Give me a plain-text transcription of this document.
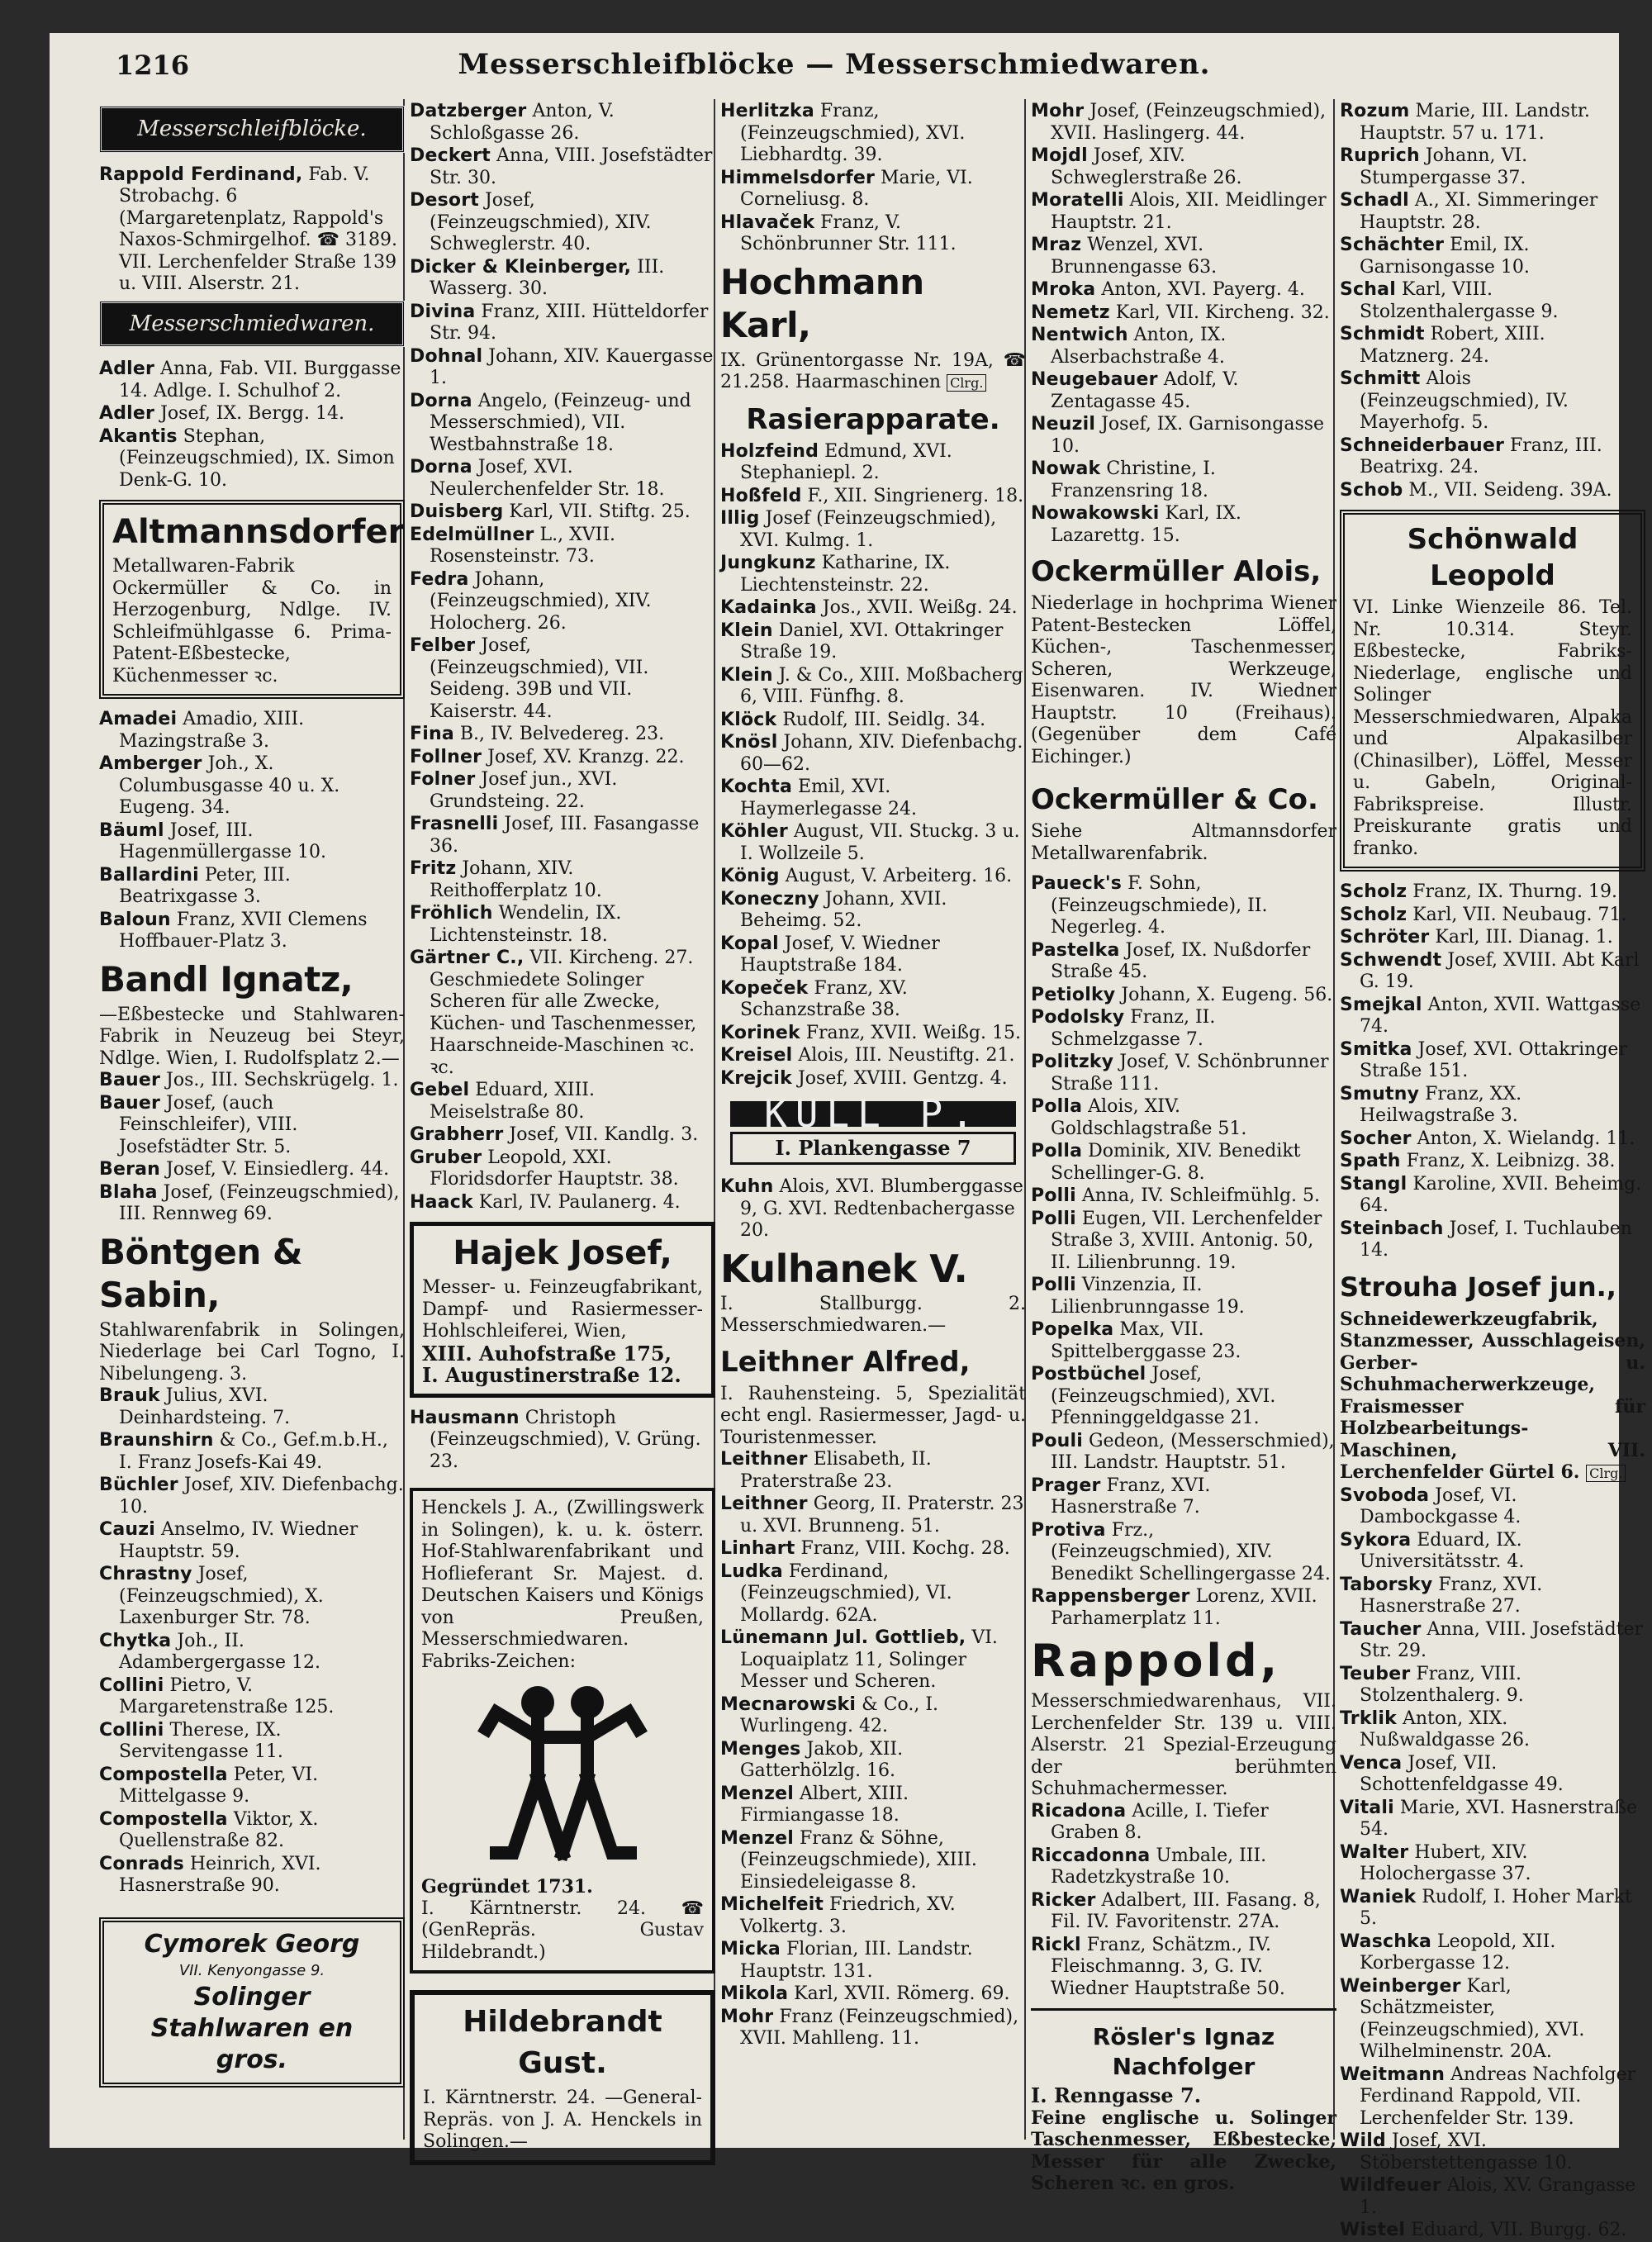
1216	Messerschleifblöcke — Messerschmiedwaren.
Messerschleifblöcke.
Rappold Ferdinand, Fab. V. Strobachg. 6 (Margaretenplatz, Rappold's Naxos-Schmirgelhof. ☎ 3189. VII. Lerchenfelder Straße 139 u. VIII. Alserstr. 21.
Messerschmiedwaren.
Adler Anna, Fab. VII. Burggasse 14. Adlge. I. Schulhof 2.
Adler Josef, IX. Bergg. 14.
Akantis Stephan, (Feinzeugschmied), IX. Simon Denk-G. 10.
Altmannsdorfer
Metallwaren-Fabrik Ockermüller & Co. in Herzogenburg, Ndlge. IV. Schleifmühlgasse 6. Prima-Patent-Eßbestecke, Küchenmesser ꝛc.
Amadei Amadio, XIII. Mazingstraße 3.
Amberger Joh., X. Columbusgasse 40 u. X. Eugeng. 34.
Bäuml Josef, III. Hagenmüllergasse 10.
Ballardini Peter, III. Beatrixgasse 3.
Baloun Franz, XVII Clemens Hoffbauer-Platz 3.
Bandl Ignatz,
—Eßbestecke und Stahlwaren-Fabrik in Neuzeug bei Steyr, Ndlge. Wien, I. Rudolfsplatz 2.—
Bauer Jos., III. Sechskrügelg. 1.
Bauer Josef, (auch Feinschleifer), VIII. Josefstädter Str. 5.
Beran Josef, V. Einsiedlerg. 44.
Blaha Josef, (Feinzeugschmied), III. Rennweg 69.
Böntgen & Sabin,
Stahlwarenfabrik in Solingen, Niederlage bei Carl Togno, I. Nibelungeng. 3.
Brauk Julius, XVI. Deinhardsteing. 7.
Braunshirn & Co., Gef.m.b.H., I. Franz Josefs-Kai 49.
Büchler Josef, XIV. Diefenbachg. 10.
Cauzi Anselmo, IV. Wiedner Hauptstr. 59.
Chrastny Josef, (Feinzeugschmied), X. Laxenburger Str. 78.
Chytka Joh., II. Adambergergasse 12.
Collini Pietro, V. Margaretenstraße 125.
Collini Therese, IX. Servitengasse 11.
Compostella Peter, VI. Mittelgasse 9.
Compostella Viktor, X. Quellenstraße 82.
Conrads Heinrich, XVI. Hasnerstraße 90.
Cymorek Georg
VII. Kenyongasse 9.
Solinger Stahlwaren en gros.
Datzberger Anton, V. Schloßgasse 26.
Deckert Anna, VIII. Josefstädter Str. 30.
Desort Josef, (Feinzeugschmied), XIV. Schweglerstr. 40.
Dicker & Kleinberger, III. Wasserg. 30.
Divina Franz, XIII. Hütteldorfer Str. 94.
Dohnal Johann, XIV. Kauergasse 1.
Dorna Angelo, (Feinzeug- und Messerschmied), VII. Westbahnstraße 18.
Dorna Josef, XVI. Neulerchenfelder Str. 18.
Duisberg Karl, VII. Stiftg. 25.
Edelmüllner L., XVII. Rosensteinstr. 73.
Fedra Johann, (Feinzeugschmied), XIV. Holocherg. 26.
Felber Josef, (Feinzeugschmied), VII. Seideng. 39B und VII. Kaiserstr. 44.
Fina B., IV. Belvedereg. 23.
Follner Josef, XV. Kranzg. 22.
Folner Josef jun., XVI. Grundsteing. 22.
Frasnelli Josef, III. Fasangasse 36.
Fritz Johann, XIV. Reithofferplatz 10.
Fröhlich Wendelin, IX. Lichtensteinstr. 18.
Gärtner C., VII. Kircheng. 27. Geschmiedete Solinger Scheren für alle Zwecke, Küchen- und Taschenmesser, Haarschneide-Maschinen ꝛc. ꝛc.
Gebel Eduard, XIII. Meiselstraße 80.
Grabherr Josef, VII. Kandlg. 3.
Gruber Leopold, XXI. Floridsdorfer Hauptstr. 38.
Haack Karl, IV. Paulanerg. 4.
Hajek Josef,
Messer- u. Feinzeugfabrikant, Dampf- und Rasiermesser-Hohlschleiferei, Wien,
XIII. Auhofstraße 175,
I. Augustinerstraße 12.
Hausmann Christoph (Feinzeugschmied), V. Grüng. 23.
Henckels J. A., (Zwillingswerk in Solingen), k. u. k. österr. Hof-Stahlwarenfabrikant und Hoflieferant Sr. Majest. d. Deutschen Kaisers und Königs von Preußen, Messerschmiedwaren.
Fabriks-Zeichen:
Gegründet 1731.
I. Kärntnerstr. 24. ☎ (GenRepräs. Gustav Hildebrandt.)
Hildebrandt Gust.
I. Kärntnerstr. 24. —General-Repräs. von J. A. Henckels in Solingen.—
Herlitzka Franz, (Feinzeugschmied), XVI. Liebhardtg. 39.
Himmelsdorfer Marie, VI. Corneliusg. 8.
Hlavaček Franz, V. Schönbrunner Str. 111.
Hochmann Karl,
IX. Grünentorgasse Nr. 19A, ☎ 21.258. Haarmaschinen Clrg.
Rasierapparate.
Holzfeind Edmund, XVI. Stephaniepl. 2.
Hoßfeld F., XII. Singrienerg. 18.
Illig Josef (Feinzeugschmied), XVI. Kulmg. 1.
Jungkunz Katharine, IX. Liechtensteinstr. 22.
Kadainka Jos., XVII. Weißg. 24.
Klein Daniel, XVI. Ottakringer Straße 19.
Klein J. & Co., XIII. Moßbacherg 6, VIII. Fünfhg. 8.
Klöck Rudolf, III. Seidlg. 34.
Knösl Johann, XIV. Diefenbachg. 60—62.
Kochta Emil, XVI. Haymerlegasse 24.
Köhler August, VII. Stuckg. 3 u. I. Wollzeile 5.
König August, V. Arbeiterg. 16.
Koneczny Johann, XVII. Beheimg. 52.
Kopal Josef, V. Wiedner Hauptstraße 184.
Kopeček Franz, XV. Schanzstraße 38.
Korinek Franz, XVII. Weißg. 15.
Kreisel Alois, III. Neustiftg. 21.
Krejcik Josef, XVIII. Gentzg. 4.
KULL P.
I. Plankengasse 7
Kuhn Alois, XVI. Blumberggasse 9, G. XVI. Redtenbachergasse 20.
Kulhanek V.
I. Stallburgg. 2. Messerschmiedwaren.—
Leithner Alfred,
I. Rauhensteing. 5, Spezialität echt engl. Rasiermesser, Jagd- u. Touristenmesser.
Leithner Elisabeth, II. Praterstraße 23.
Leithner Georg, II. Praterstr. 23 u. XVI. Brunneng. 51.
Linhart Franz, VIII. Kochg. 28.
Ludka Ferdinand, (Feinzeugschmied), VI. Mollardg. 62A.
Lünemann Jul. Gottlieb, VI. Loquaiplatz 11, Solinger Messer und Scheren.
Mecnarowski & Co., I. Wurlingeng. 42.
Menges Jakob, XII. Gatterhölzlg. 16.
Menzel Albert, XIII. Firmiangasse 18.
Menzel Franz & Söhne, (Feinzeugschmiede), XIII. Einsiedeleigasse 8.
Michelfeit Friedrich, XV. Volkertg. 3.
Micka Florian, III. Landstr. Hauptstr. 131.
Mikola Karl, XVII. Römerg. 69.
Mohr Franz (Feinzeugschmied), XVII. Mahlleng. 11.
Mohr Josef, (Feinzeugschmied), XVII. Haslingerg. 44.
Mojdl Josef, XIV. Schweglerstraße 26.
Moratelli Alois, XII. Meidlinger Hauptstr. 21.
Mraz Wenzel, XVI. Brunnengasse 63.
Mroka Anton, XVI. Payerg. 4.
Nemetz Karl, VII. Kircheng. 32.
Nentwich Anton, IX. Alserbachstraße 4.
Neugebauer Adolf, V. Zentagasse 45.
Neuzil Josef, IX. Garnisongasse 10.
Nowak Christine, I. Franzensring 18.
Nowakowski Karl, IX. Lazarettg. 15.
Ockermüller Alois,
Niederlage in hochprima Wiener Patent-Bestecken Löffel, Küchen-, Taschenmesser, Scheren, Werkzeuge, Eisenwaren. IV. Wiedner Hauptstr. 10 (Freihaus). (Gegenüber dem Café Eichinger.)
Ockermüller & Co.
Siehe Altmannsdorfer Metallwarenfabrik.
Paueck's F. Sohn, (Feinzeugschmiede), II. Negerleg. 4.
Pastelka Josef, IX. Nußdorfer Straße 45.
Petiolky Johann, X. Eugeng. 56.
Podolsky Franz, II. Schmelzgasse 7.
Politzky Josef, V. Schönbrunner Straße 111.
Polla Alois, XIV. Goldschlagstraße 51.
Polla Dominik, XIV. Benedikt Schellinger-G. 8.
Polli Anna, IV. Schleifmühlg. 5.
Polli Eugen, VII. Lerchenfelder Straße 3, XVIII. Antonig. 50, II. Lilienbrunng. 19.
Polli Vinzenzia, II. Lilienbrunngasse 19.
Popelka Max, VII. Spittelberggasse 23.
Postbüchel Josef, (Feinzeugschmied), XVI. Pfenninggeldgasse 21.
Pouli Gedeon, (Messerschmied), III. Landstr. Hauptstr. 51.
Prager Franz, XVI. Hasnerstraße 7.
Protiva Frz., (Feinzeugschmied), XIV. Benedikt Schellingergasse 24.
Rappensberger Lorenz, XVII. Parhamerplatz 11.
Rappold,
Messerschmiedwarenhaus, VII. Lerchenfelder Str. 139 u. VIII. Alserstr. 21 Spezial-Erzeugung der berühmten Schuhmachermesser.
Ricadona Acille, I. Tiefer Graben 8.
Riccadonna Umbale, III. Radetzkystraße 10.
Ricker Adalbert, III. Fasang. 8, Fil. IV. Favoritenstr. 27A.
Rickl Franz, Schätzm., IV. Fleischmanng. 3, G. IV. Wiedner Hauptstraße 50.
Rösler's Ignaz Nachfolger
I. Renngasse 7.
Feine englische u. Solinger Taschenmesser, Eßbestecke, Messer für alle Zwecke, Scheren ꝛc. en gros.
Rozum Marie, III. Landstr. Hauptstr. 57 u. 171.
Ruprich Johann, VI. Stumpergasse 37.
Schadl A., XI. Simmeringer Hauptstr. 28.
Schächter Emil, IX. Garnisongasse 10.
Schal Karl, VIII. Stolzenthalergasse 9.
Schmidt Robert, XIII. Matznerg. 24.
Schmitt Alois (Feinzeugschmied), IV. Mayerhofg. 5.
Schneiderbauer Franz, III. Beatrixg. 24.
Schob M., VII. Seideng. 39A.
Schönwald Leopold
VI. Linke Wienzeile 86. Tel. Nr. 10.314. Steyr. Eßbestecke, Fabriks-Niederlage, englische und Solinger Messerschmiedwaren, Alpaka und Alpakasilber (Chinasilber), Löffel, Messer u. Gabeln, Original-Fabrikspreise. Illustr. Preiskurante gratis und franko.
Scholz Franz, IX. Thurng. 19.
Scholz Karl, VII. Neubaug. 71.
Schröter Karl, III. Dianag. 1.
Schwendt Josef, XVIII. Abt Karl G. 19.
Smejkal Anton, XVII. Wattgasse 74.
Smitka Josef, XVI. Ottakringer Straße 151.
Smutny Franz, XX. Heilwagstraße 3.
Socher Anton, X. Wielandg. 11.
Spath Franz, X. Leibnizg. 38.
Stangl Karoline, XVII. Beheimg. 64.
Steinbach Josef, I. Tuchlauben 14.
Strouha Josef jun.,
Schneidewerkzeugfabrik, Stanzmesser, Ausschlageisen, Gerber- u. Schuhmacherwerkzeuge, Fraismesser für Holzbearbeitungs-Maschinen, VII. Lerchenfelder Gürtel 6. Clrg.
Svoboda Josef, VI. Dambockgasse 4.
Sykora Eduard, IX. Universitätsstr. 4.
Taborsky Franz, XVI. Hasnerstraße 27.
Taucher Anna, VIII. Josefstädter Str. 29.
Teuber Franz, VIII. Stolzenthalerg. 9.
Trklik Anton, XIX. Nußwaldgasse 26.
Venca Josef, VII. Schottenfeldgasse 49.
Vitali Marie, XVI. Hasnerstraße 54.
Walter Hubert, XIV. Holochergasse 37.
Waniek Rudolf, I. Hoher Markt 5.
Waschka Leopold, XII. Korbergasse 12.
Weinberger Karl, Schätzmeister, (Feinzeugschmied), XVI. Wilhelminenstr. 20A.
Weitmann Andreas Nachfolger Ferdinand Rappold, VII. Lerchenfelder Str. 139.
Wild Josef, XVI. Stöberstettengasse 10.
Wildfeuer Alois, XV. Grangasse 1.
Wistel Eduard, VII. Burgg. 62.
